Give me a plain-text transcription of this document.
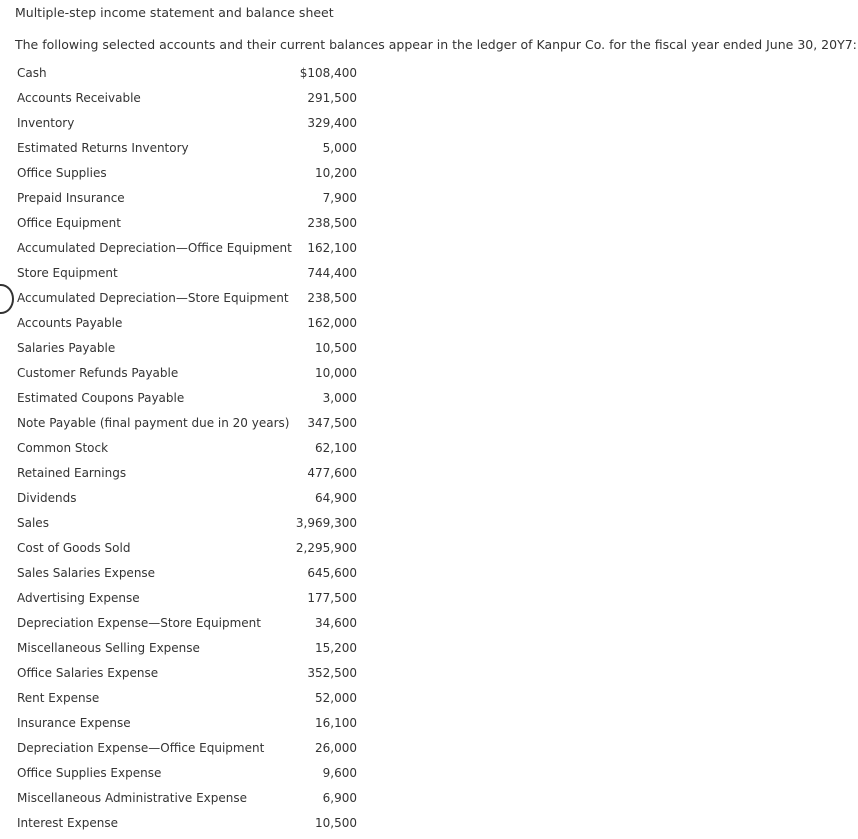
Multiple-step income statement and balance sheet
The following selected accounts and their current balances appear in the ledger of Kanpur Co. for the fiscal year ended June 30, 20Y7:
Cash	$108,400
Accounts Receivable	291,500
Inventory	329,400
Estimated Returns Inventory	5,000
Office Supplies	10,200
Prepaid Insurance	7,900
Office Equipment	238,500
Accumulated Depreciation—Office Equipment 162,100
Store Equipment	744,400
Accumulated Depreciation—Store Equipment 238,500
Accounts Payable	162,000
Salaries Payable	10,500
Customer Refunds Payable	10,000
Estimated Coupons Payable	3,000
Note Payable (final payment due in 20 years) 347,500
Common Stock	62,100
Retained Earnings	477,600
Dividends	64,900
Sales	3,969,300
Cost of Goods Sold	2,295,900
Sales Salaries Expense	645,600
Advertising Expense	177,500
Depreciation Expense—Store Equipment	34,600
Miscellaneous Selling Expense	15,200
Office Salaries Expense	352,500
Rent Expense	52,000
Insurance Expense	16,100
Depreciation Expense—Office Equipment	26,000
Office Supplies Expense	9,600
Miscellaneous Administrative Expense	6,900
Interest Expense	10,500
